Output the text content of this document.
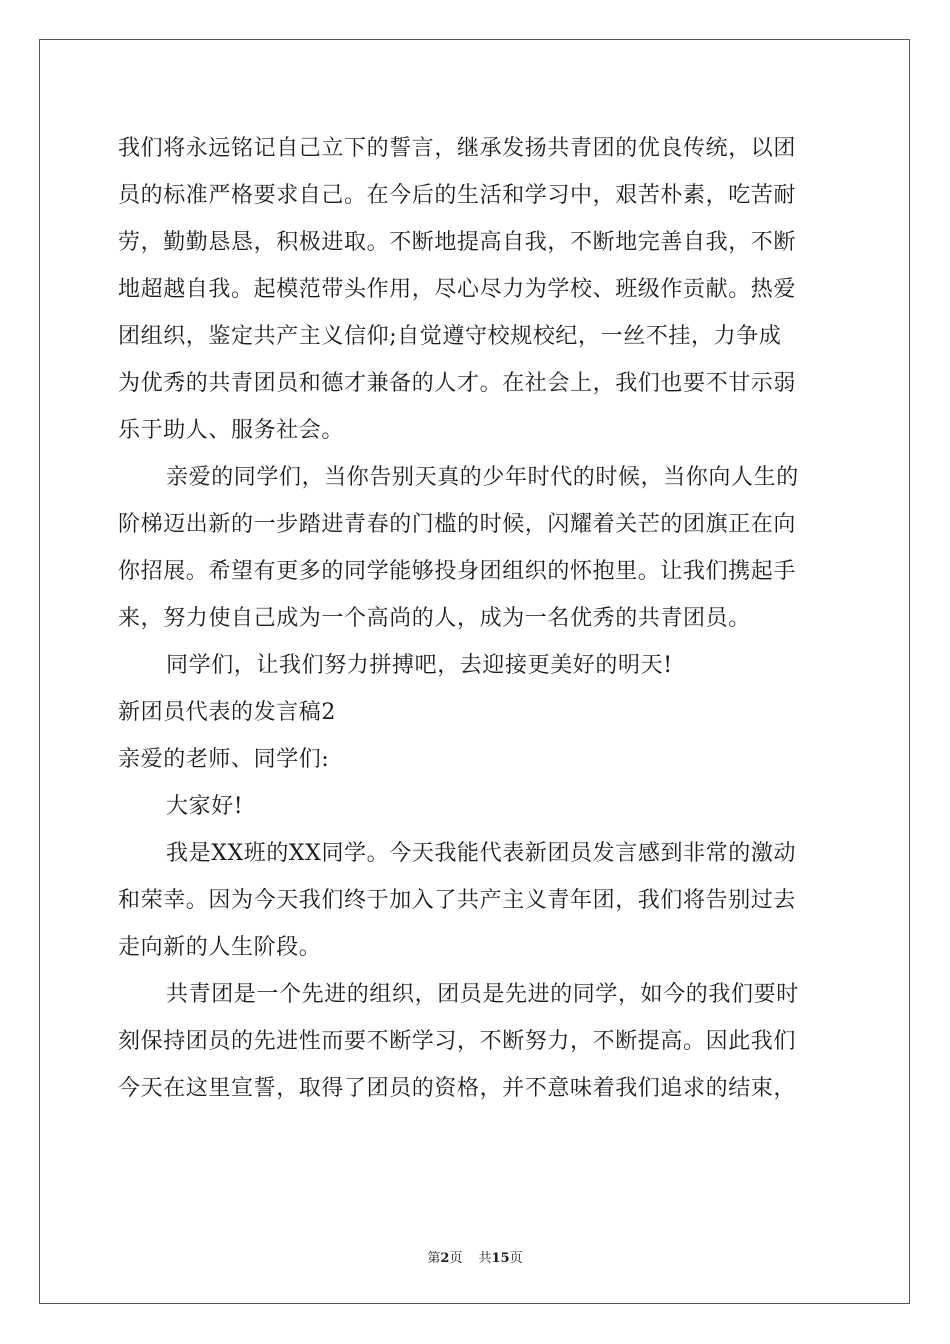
我们将永远铭记自己立下的誓言，继承发扬共青团的优良传统，以团
员的标准严格要求自己。在今后的生活和学习中，艰苦朴素，吃苦耐
劳，勤勤恳恳，积极进取。不断地提高自我，不断地完善自我，不断
地超越自我。起模范带头作用，尽心尽力为学校、班级作贡献。热爱
团组织，鉴定共产主义信仰;自觉遵守校规校纪，一丝不挂，力争成
为优秀的共青团员和德才兼备的人才。在社会上，我们也要不甘示弱
乐于助人、服务社会。
亲爱的同学们，当你告别天真的少年时代的时候，当你向人生的
阶梯迈出新的一步踏进青春的门槛的时候，闪耀着关芒的团旗正在向
你招展。希望有更多的同学能够投身团组织的怀抱里。让我们携起手
来，努力使自己成为一个高尚的人，成为一名优秀的共青团员。
同学们，让我们努力拼搏吧，去迎接更美好的明天!
新团员代表的发言稿2
亲爱的老师、同学们:
大家好!
我是XX班的XX同学。今天我能代表新团员发言感到非常的激动
和荣幸。因为今天我们终于加入了共产主义青年团，我们将告别过去
走向新的人生阶段。
共青团是一个先进的组织，团员是先进的同学，如今的我们要时
刻保持团员的先进性而要不断学习，不断努力，不断提高。因此我们
今天在这里宣誓，取得了团员的资格，并不意味着我们追求的结束，
第2页 共15页
